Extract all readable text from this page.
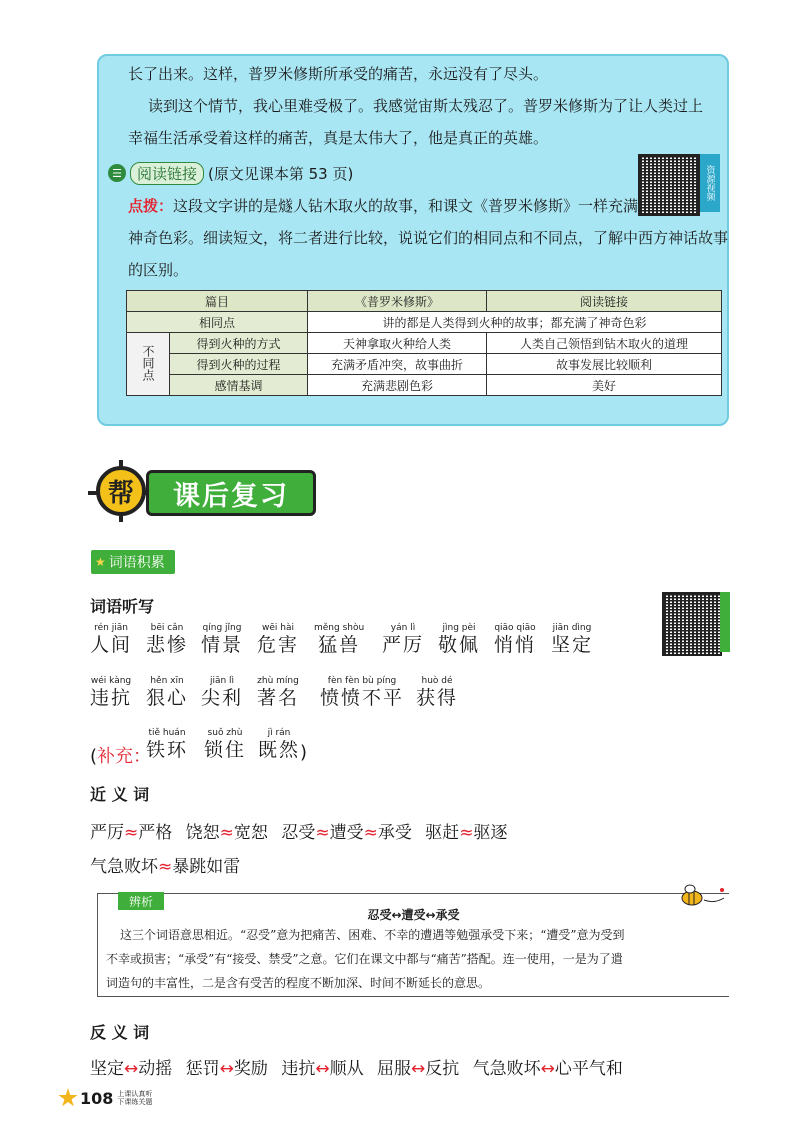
长了出来。这样，普罗米修斯所承受的痛苦，永远没有了尽头。
读到这个情节，我心里难受极了。我感觉宙斯太残忍了。普罗米修斯为了让人类过上
幸福生活承受着这样的痛苦，真是太伟大了，他是真正的英雄。
☰	阅读链接 (原文见课本第 53 页)
点拨：这段文字讲的是燧人钻木取火的故事，和课文《普罗米修斯》一样充满
神奇色彩。细读短文，将二者进行比较，说说它们的相同点和不同点，了解中西方神话故事
的区别。
资源视频
篇目		《普罗米修斯》	阅读链接
相同点		讲的都是人类得到火种的故事；都充满了神奇色彩	
不同点	得到火种的方式	天神拿取火种给人类	人类自己领悟到钻木取火的道理
	得到火种的过程	充满矛盾冲突，故事曲折	故事发展比较顺利
	感情基调	充满悲剧色彩	美好
帮	课后复习
★ 词语积累
词语听写
rén jiān
人间
bēi cǎn
悲惨
qíng jǐng
情景
wēi hài
危害
měng shòu
猛兽
yán lì
严厉
jìng pèi
敬佩
qiāo qiāo
悄悄
jiān dìng
坚定
wéi kàng
违抗
hěn xīn
狠心
jiān lì
尖利
zhù míng
著名
fèn fèn bù píng
愤愤不平
huò dé
获得
(补充：
tiě huán
铁环
suǒ zhù
锁住
jì rán
既然 )
近 义 词
严厉≈严格 饶恕≈宽恕 忍受≈遭受≈承受 驱赶≈驱逐
气急败坏≈暴跳如雷
辨析
忍受↔遭受↔承受
这三个词语意思相近。“忍受”意为把痛苦、困难、不幸的遭遇等勉强承受下来；“遭受”意为受到
不幸或损害；“承受”有“接受、禁受”之意。它们在课文中都与“痛苦”搭配。连一使用，一是为了遣
词造句的丰富性，二是含有受苦的程度不断加深、时间不断延长的意思。
反 义 词
坚定↔动摇 惩罚↔奖励 违抗↔顺从 屈服↔反抗 气急败坏↔心平气和
108 上课认真听 下课练关题
